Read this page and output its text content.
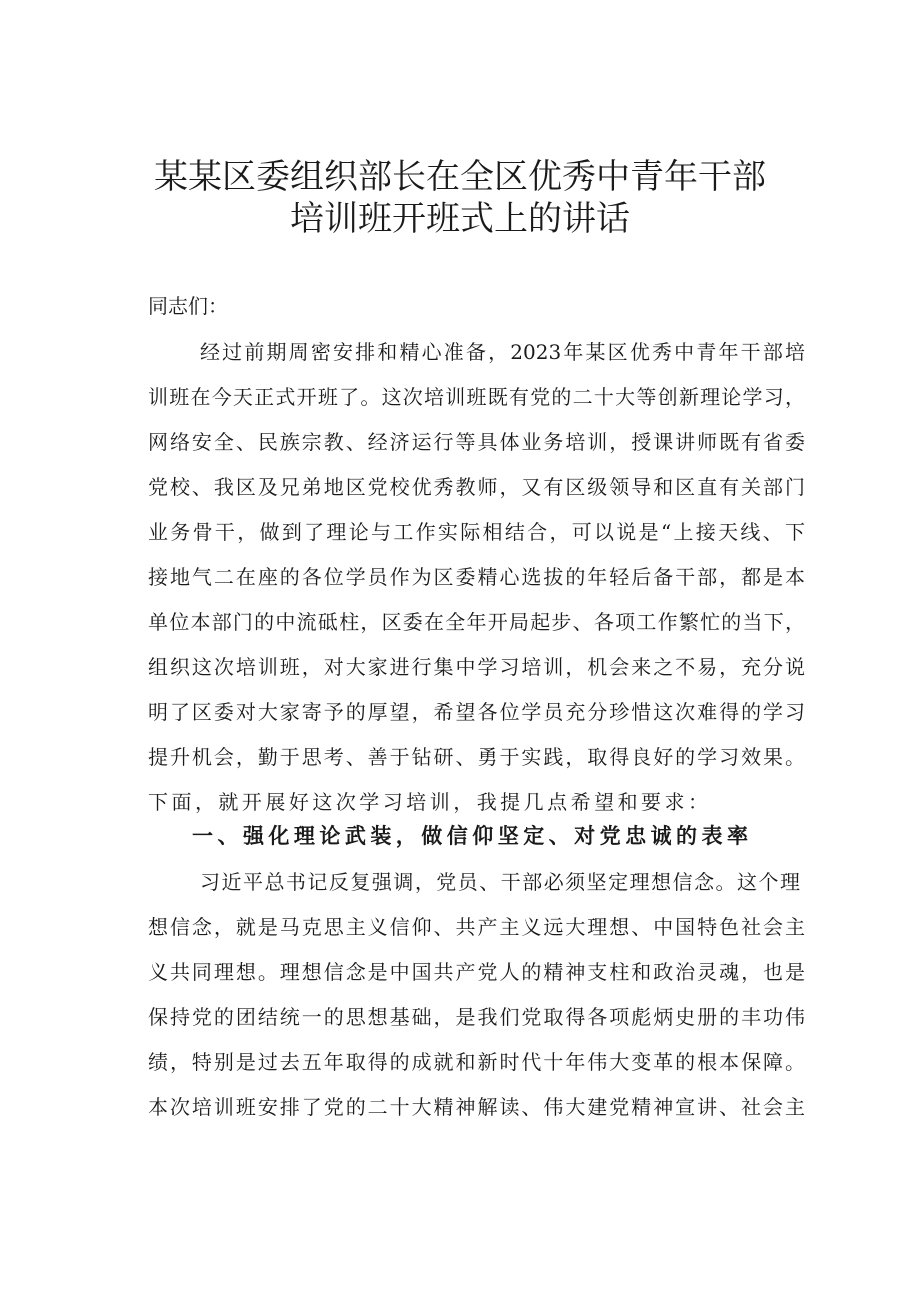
某某区委组织部长在全区优秀中青年干部
培训班开班式上的讲话

同志们：

经过前期周密安排和精心准备，2023年某区优秀中青年干部培

训班在今天正式开班了。这次培训班既有党的二十大等创新理论学习，

网络安全、民族宗教、经济运行等具体业务培训，授课讲师既有省委

党校、我区及兄弟地区党校优秀教师，又有区级领导和区直有关部门

业务骨干，做到了理论与工作实际相结合，可以说是“上接天线、下

接地气二在座的各位学员作为区委精心选拔的年轻后备干部，都是本

单位本部门的中流砥柱，区委在全年开局起步、各项工作繁忙的当下，

组织这次培训班，对大家进行集中学习培训，机会来之不易，充分说

明了区委对大家寄予的厚望，希望各位学员充分珍惜这次难得的学习

提升机会，勤于思考、善于钻研、勇于实践，取得良好的学习效果。

下面，就开展好这次学习培训，我提几点希望和要求：

一、强化理论武装，做信仰坚定、对党忠诚的表率

习近平总书记反复强调，党员、干部必须坚定理想信念。这个理

想信念，就是马克思主义信仰、共产主义远大理想、中国特色社会主

义共同理想。理想信念是中国共产党人的精神支柱和政治灵魂，也是

保持党的团结统一的思想基础，是我们党取得各项彪炳史册的丰功伟

绩，特别是过去五年取得的成就和新时代十年伟大变革的根本保障。

本次培训班安排了党的二十大精神解读、伟大建党精神宣讲、社会主
